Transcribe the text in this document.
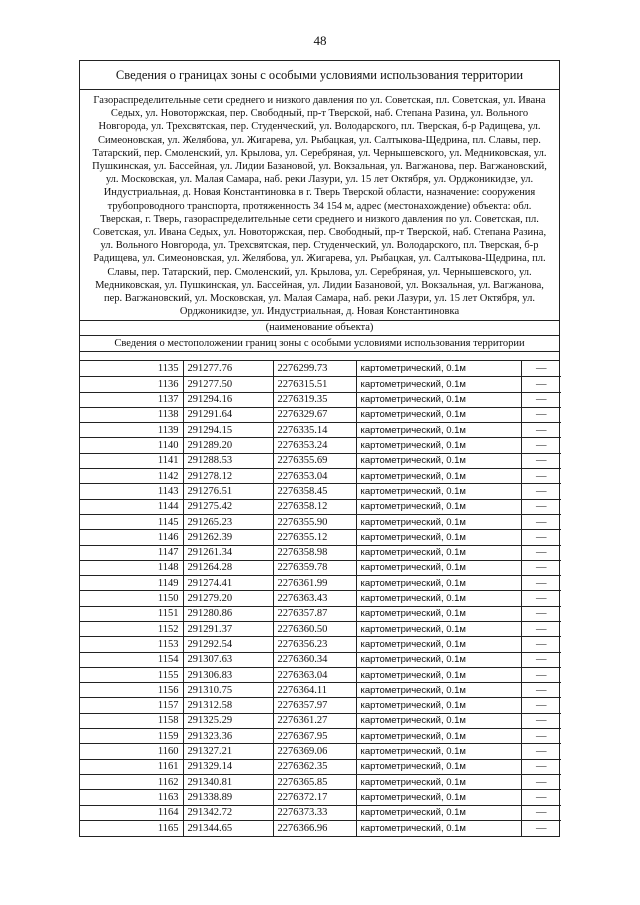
48
Сведения о границах зоны с особыми условиями использования территории
Газораспределительные сети среднего и низкого давления по ул. Советская, пл. Советская, ул. Ивана Седых, ул. Новоторжская, пер. Свободный, пр-т Тверской, наб. Степана Разина, ул. Вольного Новгорода, ул. Трехсвятская, пер. Студенческий, ул. Володарского, пл. Тверская, б-р Радищева, ул. Симеоновская, ул. Желябова, ул. Жигарева, ул. Рыбацкая, ул. Салтыкова-Щедрина, пл. Славы, пер. Татарский, пер. Смоленский, ул. Крылова, ул. Серебряная, ул. Чернышевского, ул. Медниковская, ул. Пушкинская, ул. Бассейная, ул. Лидии Базановой, ул. Вокзальная, ул. Вагжанова, пер. Вагжановский, ул. Московская, ул. Малая Самара, наб. реки Лазури, ул. 15 лет Октября, ул. Орджоникидзе, ул. Индустриальная, д. Новая Константиновка в г. Тверь Тверской области, назначение: сооружения трубопроводного транспорта, протяженность 34 154 м, адрес (местонахождение) объекта: обл. Тверская, г. Тверь, газораспределительные сети среднего и низкого давления по ул. Советская, пл. Советская, ул. Ивана Седых, ул. Новоторжская, пер. Свободный, пр-т Тверской, наб. Степана Разина, ул. Вольного Новгорода, ул. Трехсвятская, пер. Студенческий, ул. Володарского, пл. Тверская, б-р Радищева, ул. Симеоновская, ул. Желябова, ул. Жигарева, ул. Рыбацкая, ул. Салтыкова-Щедрина, пл. Славы, пер. Татарский, пер. Смоленский, ул. Крылова, ул. Серебряная, ул. Чернышевского, ул. Медниковская, ул. Пушкинская, ул. Бассейная, ул. Лидии Базановой, ул. Вокзальная, ул. Вагжанова, пер. Вагжановский, ул. Московская, ул. Малая Самара, наб. реки Лазури, ул. 15 лет Октября, ул. Орджоникидзе, ул. Индустриальная, д. Новая Константиновка
(наименование объекта)
Сведения о местоположении границ зоны с особыми условиями использования территории
1135	291277.76	2276299.73	картометрический, 0.1м	—
1136	291277.50	2276315.51	картометрический, 0.1м	—
1137	291294.16	2276319.35	картометрический, 0.1м	—
1138	291291.64	2276329.67	картометрический, 0.1м	—
1139	291294.15	2276335.14	картометрический, 0.1м	—
1140	291289.20	2276353.24	картометрический, 0.1м	—
1141	291288.53	2276355.69	картометрический, 0.1м	—
1142	291278.12	2276353.04	картометрический, 0.1м	—
1143	291276.51	2276358.45	картометрический, 0.1м	—
1144	291275.42	2276358.12	картометрический, 0.1м	—
1145	291265.23	2276355.90	картометрический, 0.1м	—
1146	291262.39	2276355.12	картометрический, 0.1м	—
1147	291261.34	2276358.98	картометрический, 0.1м	—
1148	291264.28	2276359.78	картометрический, 0.1м	—
1149	291274.41	2276361.99	картометрический, 0.1м	—
1150	291279.20	2276363.43	картометрический, 0.1м	—
1151	291280.86	2276357.87	картометрический, 0.1м	—
1152	291291.37	2276360.50	картометрический, 0.1м	—
1153	291292.54	2276356.23	картометрический, 0.1м	—
1154	291307.63	2276360.34	картометрический, 0.1м	—
1155	291306.83	2276363.04	картометрический, 0.1м	—
1156	291310.75	2276364.11	картометрический, 0.1м	—
1157	291312.58	2276357.97	картометрический, 0.1м	—
1158	291325.29	2276361.27	картометрический, 0.1м	—
1159	291323.36	2276367.95	картометрический, 0.1м	—
1160	291327.21	2276369.06	картометрический, 0.1м	—
1161	291329.14	2276362.35	картометрический, 0.1м	—
1162	291340.81	2276365.85	картометрический, 0.1м	—
1163	291338.89	2276372.17	картометрический, 0.1м	—
1164	291342.72	2276373.33	картометрический, 0.1м	—
1165	291344.65	2276366.96	картометрический, 0.1м	—
